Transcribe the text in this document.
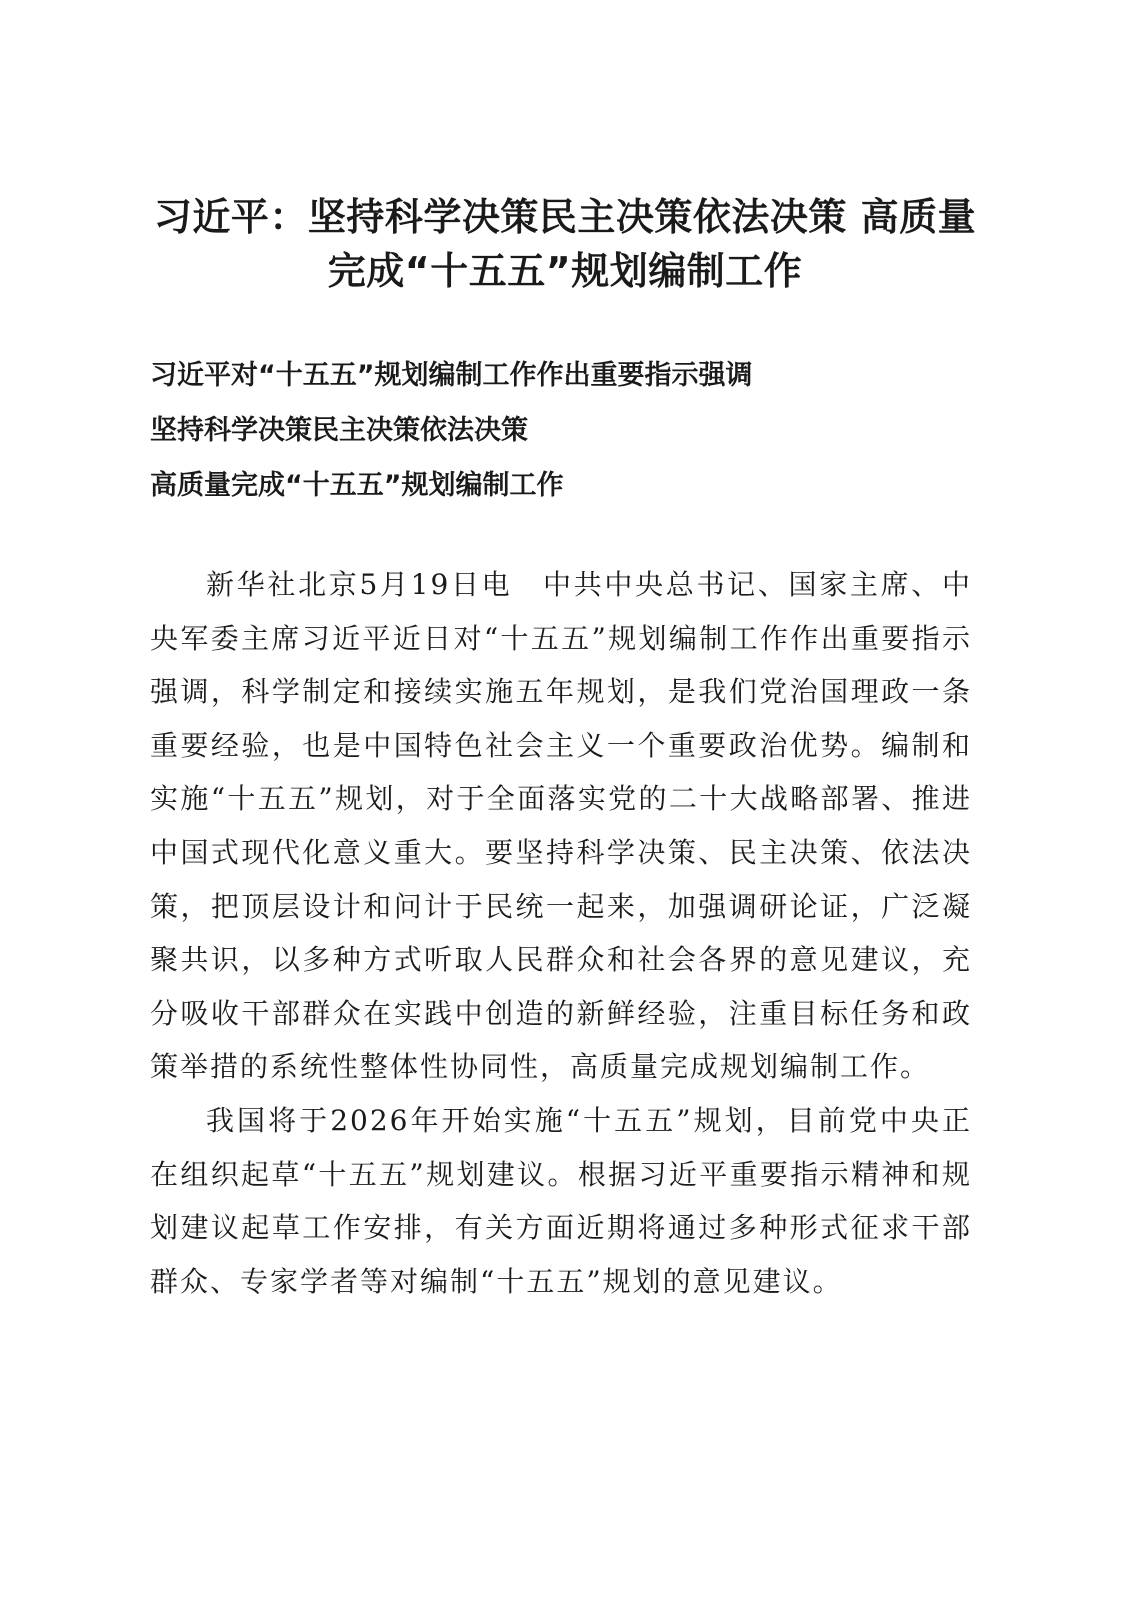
习近平：坚持科学决策民主决策依法决策 高质量完成“十五五”规划编制工作

习近平对“十五五”规划编制工作作出重要指示强调

坚持科学决策民主决策依法决策

高质量完成“十五五”规划编制工作

新华社北京5月19日电　中共中央总书记、国家主席、中央军委主席习近平近日对“十五五”规划编制工作作出重要指示强调，科学制定和接续实施五年规划，是我们党治国理政一条重要经验，也是中国特色社会主义一个重要政治优势。编制和实施“十五五”规划，对于全面落实党的二十大战略部署、推进中国式现代化意义重大。要坚持科学决策、民主决策、依法决策，把顶层设计和问计于民统一起来，加强调研论证，广泛凝聚共识，以多种方式听取人民群众和社会各界的意见建议，充分吸收干部群众在实践中创造的新鲜经验，注重目标任务和政策举措的系统性整体性协同性，高质量完成规划编制工作。

我国将于2026年开始实施“十五五”规划，目前党中央正在组织起草“十五五”规划建议。根据习近平重要指示精神和规划建议起草工作安排，有关方面近期将通过多种形式征求干部群众、专家学者等对编制“十五五”规划的意见建议。
